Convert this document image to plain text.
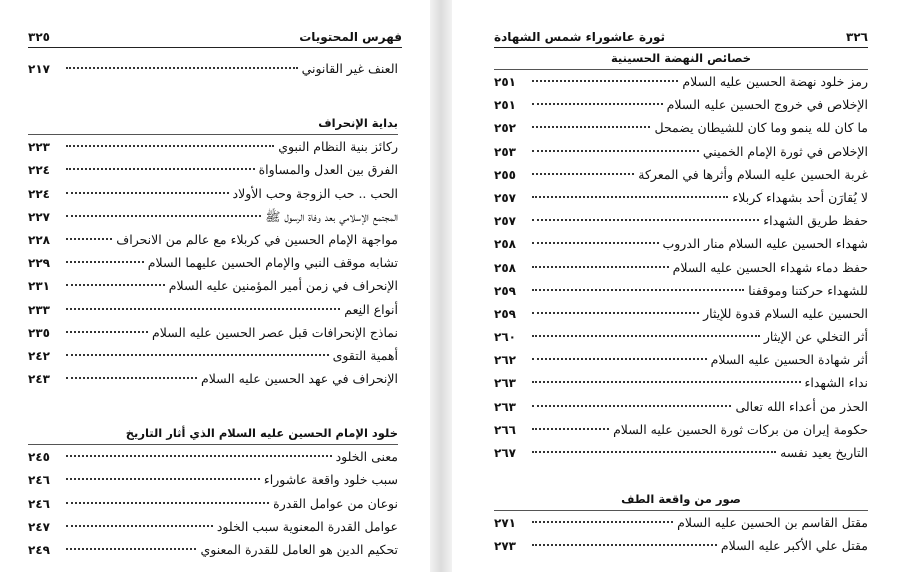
فهرس المحتويات
٣٢٥
العنف غير القانوني
٢١٧
بداية الإنحراف
ركائز بنية النظام النبوي
٢٢٣
الفرق بين العدل والمساواة
٢٢٤
الحب .. حب الزوجة وحب الأولاد
٢٢٤
المجتمع الإسلامي بعد وفاة الرسول ﷺ
٢٢٧
مواجهة الإمام الحسين في كربلاء مع عالم من الانحراف
٢٢٨
تشابه موقف النبي والإمام الحسين عليهما السلام
٢٢٩
الإنحراف في زمن أمير المؤمنين عليه السلام
٢٣١
أنواع النِعم
٢٣٣
نماذج الإنحرافات قبل عصر الحسين عليه السلام
٢٣٥
أهمية التقوى
٢٤٢
الإنحراف في عهد الحسين عليه السلام
٢٤٣
خلود الإمام الحسين عليه السلام الذي أثار التاريخ
معنى الخلود
٢٤٥
سبب خلود واقعة عاشوراء
٢٤٦
نوعان من عوامل القدرة
٢٤٦
عوامل القدرة المعنوية سبب الخلود
٢٤٧
تحكيم الدين هو العامل للقدرة المعنوي
٢٤٩
٣٢٦
ثورة عاشوراء شمس الشهادة
خصائص النهضة الحسينية
رمز خلود نهضة الحسين عليه السلام
٢٥١
الإخلاص في خروج الحسين عليه السلام
٢٥١
ما كان لله ينمو وما كان للشيطان يضمحل
٢٥٢
الإخلاص في ثورة الإمام الخميني
٢٥٣
غربة الحسين عليه السلام وأثرها في المعركة
٢٥٥
لا يُقارَن أحد بشهداء كربلاء
٢٥٧
حفظ طريق الشهداء
٢٥٧
شهداء الحسين عليه السلام منار الدروب
٢٥٨
حفظ دماء شهداء الحسين عليه السلام
٢٥٨
للشهداء حركتنا وموقفنا
٢٥٩
الحسين عليه السلام قدوة للإيثار
٢٥٩
أثر التخلي عن الإيثار
٢٦٠
أثر شهادة الحسين عليه السلام
٢٦٢
نداء الشهداء
٢٦٣
الحذر من أعداء الله تعالى
٢٦٣
حكومة إيران من بركات ثورة الحسين عليه السلام
٢٦٦
التاريخ يعيد نفسه
٢٦٧
صور من واقعة الطف
مقتل القاسم بن الحسين عليه السلام
٢٧١
مقتل علي الأكبر عليه السلام
٢٧٣
